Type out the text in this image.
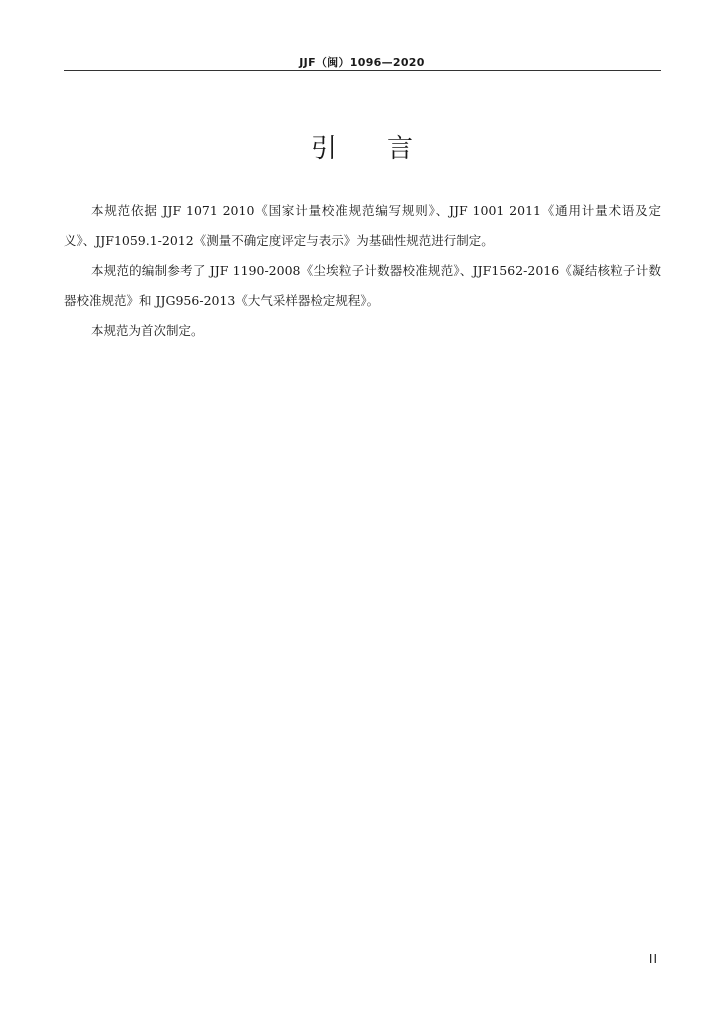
JJF（闽）1096—2020
引 言

本规范依据 JJF 1071 2010《国家计量校准规范编写规则》、JJF 1001 2011《通用计量术语及定义》、JJF1059.1-2012《测量不确定度评定与表示》为基础性规范进行制定。

本规范的编制参考了 JJF 1190-2008《尘埃粒子计数器校准规范》、JJF1562-2016《凝结核粒子计数器校准规范》和 JJG956-2013《大气采样器检定规程》。

本规范为首次制定。

II
